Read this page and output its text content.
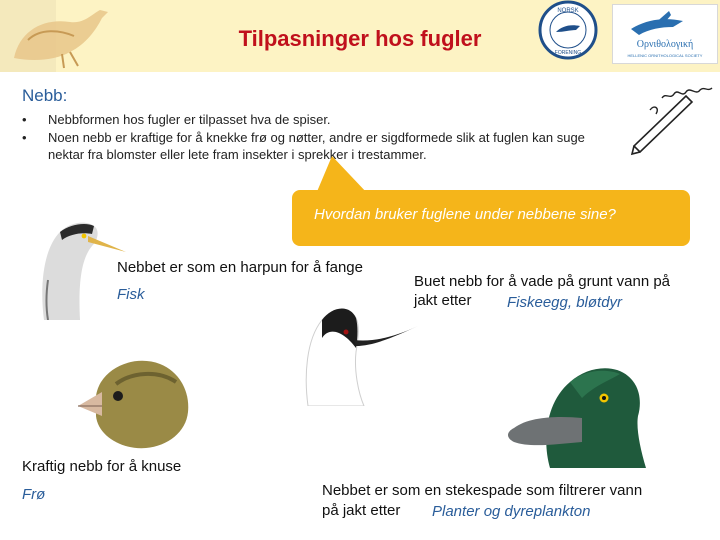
Tilpasninger hos fugler
NORSK
FORENING
Ορνιθολογική
HELLENIC ORNITHOLOGICAL SOCIETY
Nebb:
• Nebbformen hos fugler er tilpasset hva de spiser.
• Noen nebb er kraftige for å knekke frø og nøtter, andre er sigdformede slik at fuglen kan suge nektar fra blomster eller lete fram insekter i sprekker i trestammer.
Hvordan bruker fuglene under nebbene sine?
Nebbet er som en harpun for å fange
Fisk
Buet nebb for å vade på grunt vann på
jakt etter Fiskeegg, bløtdyr
Kraftig nebb for å knuse
Frø	Nebbet er som en stekespade som filtrerer vann
på jakt etter Planter og dyreplankton
